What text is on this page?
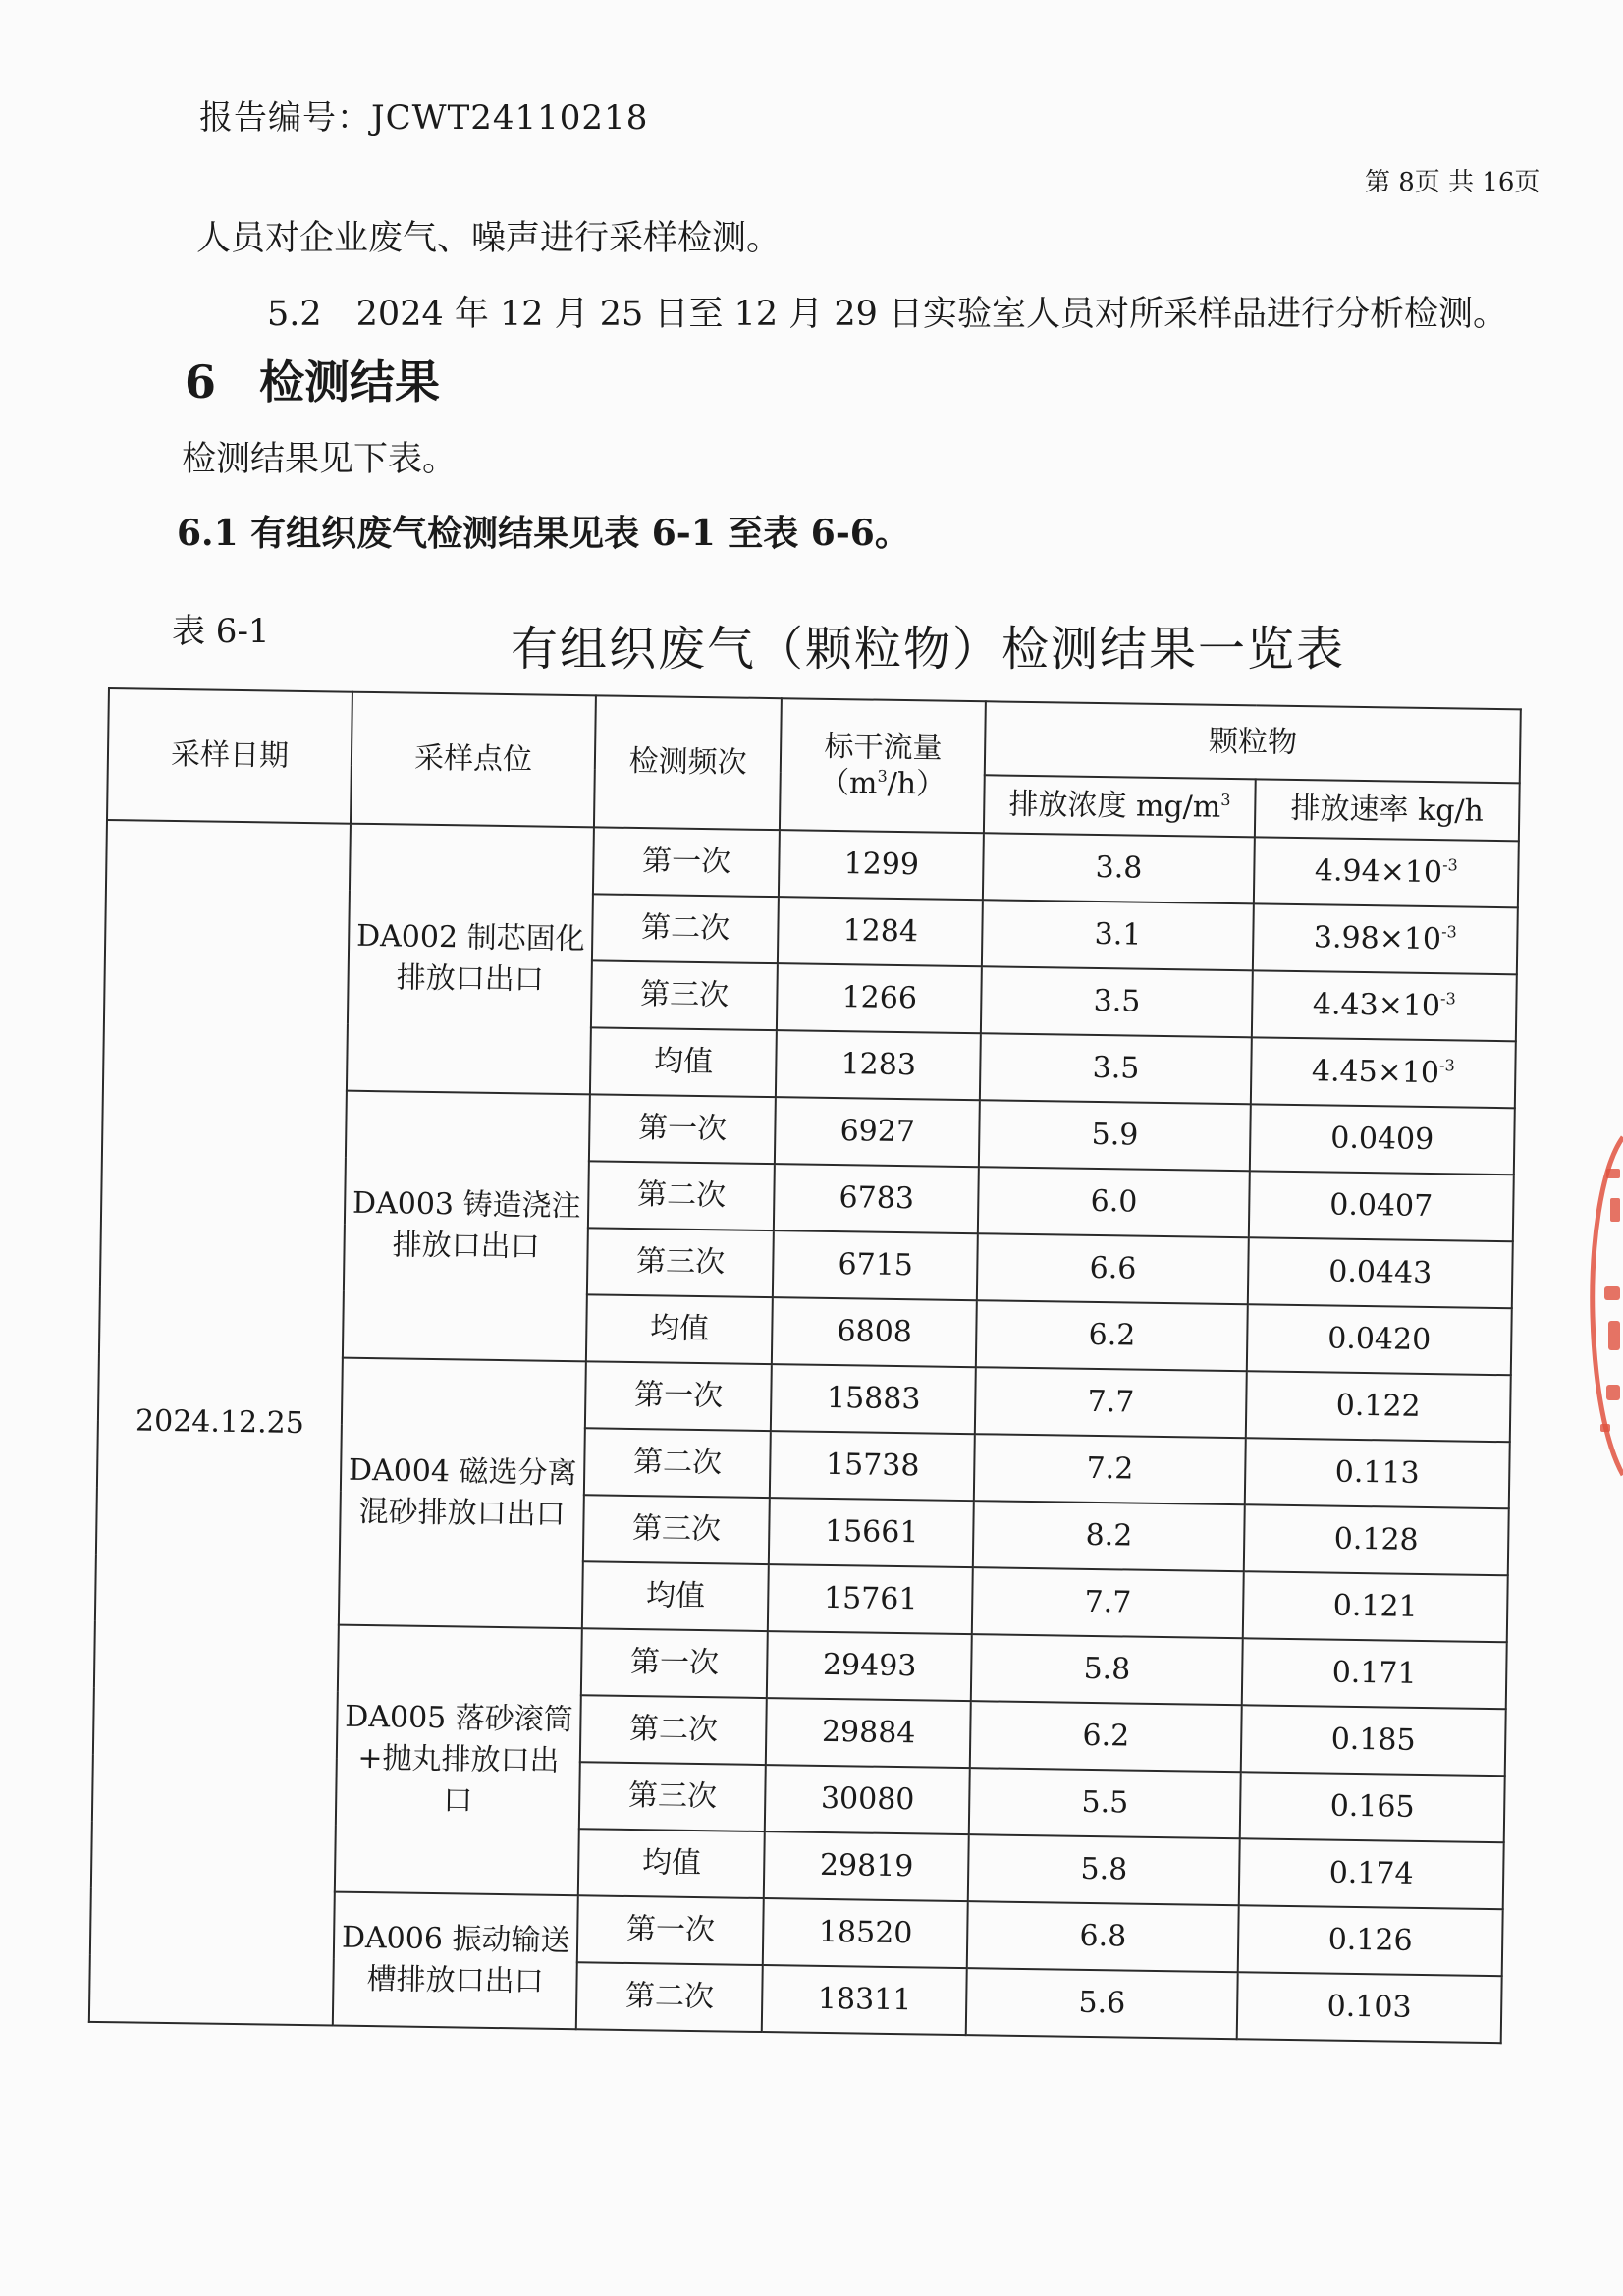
报告编号：JCWT24110218
第 8页 共 16页
人员对企业废气、噪声进行采样检测。
5.2　2024 年 12 月 25 日至 12 月 29 日实验室人员对所采样品进行分析检测。
6 检测结果
检测结果见下表。
6.1 有组织废气检测结果见表 6-1 至表 6-6。
表 6-1	有组织废气（颗粒物）检测结果一览表
采样日期	采样点位	检测频次	标干流量
$(m^3/h)$	颗粒物	
				排放浓度 $mg/m^3$	排放速率 kg/h
2024.12.25	DA002 制芯固化排放口出口	第一次	1299	3.8	$4.94\times 10^{-3}$
		第二次	1284	3.1	$3.98\times 10^{-3}$
		第三次	1266	3.5	$4.43\times 10^{-3}$
		均值	1283	3.5	$4.45\times 10^{-3}$
	DA003 铸造浇注排放口出口	第一次	6927	5.9	0.0409
		第二次	6783	6.0	0.0407
		第三次	6715	6.6	0.0443
		均值	6808	6.2	0.0420
	DA004 磁选分离混砂排放口出口	第一次	15883	7.7	0.122
		第二次	15738	7.2	0.113
		第三次	15661	8.2	0.128
		均值	15761	7.7	0.121
	DA005 落砂滚筒+抛丸排放口出口	第一次	29493	5.8	0.171
		第二次	29884	6.2	0.185
		第三次	30080	5.5	0.165
		均值	29819	5.8	0.174
	DA006 振动输送槽排放口出口	第一次	18520	6.8	0.126
		第二次	18311	5.6	0.103
